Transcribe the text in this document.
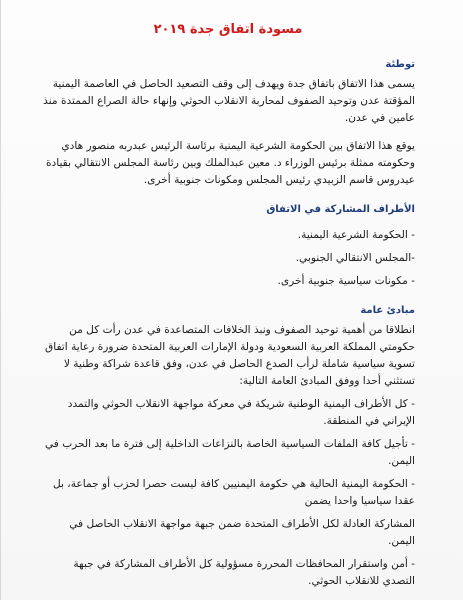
مسودة اتفاق جدة ٢٠١٩
توطئة

يسمى هذا الاتفاق باتفاق جدة ويهدف إلى وقف التصعيد الحاصل في العاصمة اليمنية المؤقتة عدن وتوحيد الصفوف لمحاربة الانقلاب الحوثي وإنهاء حالة الصراع الممتدة منذ عامين في عدن.

يوقع هذا الاتفاق بين الحكومة الشرعية اليمنية برئاسة الرئيس عبدربه منصور هادي وحكومته ممثلة برئيس الوزراء د. معين عبدالملك وبين رئاسة المجلس الانتقالي بقيادة عيدروس قاسم الزبيدي رئيس المجلس ومكونات جنوبية أخرى.

الأطراف المشاركة في الاتفاق

- الحكومة الشرعية اليمنية.

-المجلس الانتقالي الجنوبي.

- مكونات سياسية جنوبية أخرى.

مبادئ عامة

انطلاقا من أهمية توحيد الصفوف ونبذ الخلافات المتصاعدة في عدن رأت كل من حكومتي المملكة العربية السعودية ودولة الإمارات العربية المتحدة ضرورة رعاية اتفاق تسوية سياسية شاملة لرأب الصدع الحاصل في عدن، وفق قاعدة شراكة وطنية لا تستثني أحدا ووفق المبادئ العامة التالية:

- كل الأطراف اليمنية الوطنية شريكة في معركة مواجهة الانقلاب الحوثي والتمدد الإيراني في المنطقة.

- تأجيل كافة الملفات السياسية الخاصة بالنزاعات الداخلية إلى فترة ما بعد الحرب في اليمن.

- الحكومة اليمنية الحالية هي حكومة اليمنيين كافة ليست حصرا لحزب أو جماعة، بل عقدا سياسيا واحدا يضمن

المشاركة العادلة لكل الأطراف المتحدة ضمن جبهة مواجهة الانقلاب الحاصل في اليمن.

- أمن واستقرار المحافظات المحررة مسؤولية كل الأطراف المشاركة في جبهة التصدي للانقلاب الحوثي.
